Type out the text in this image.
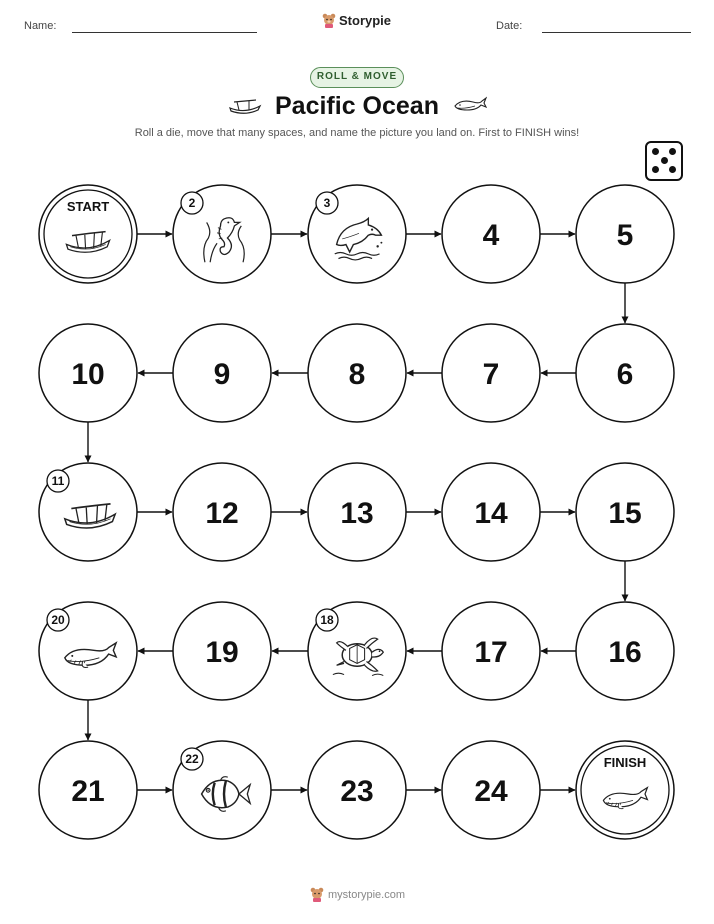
Name:	Storypie	Date:
ROLL & MOVE
Pacific Ocean
Roll a die, move that many spaces, and name the picture you land on. First to FINISH wins!
START	2	3
4	5
6
7
8
9
10
11
12	13	14	15
16
17
18
19
20
21
22
23	24
FINISH
mystorypie.com
